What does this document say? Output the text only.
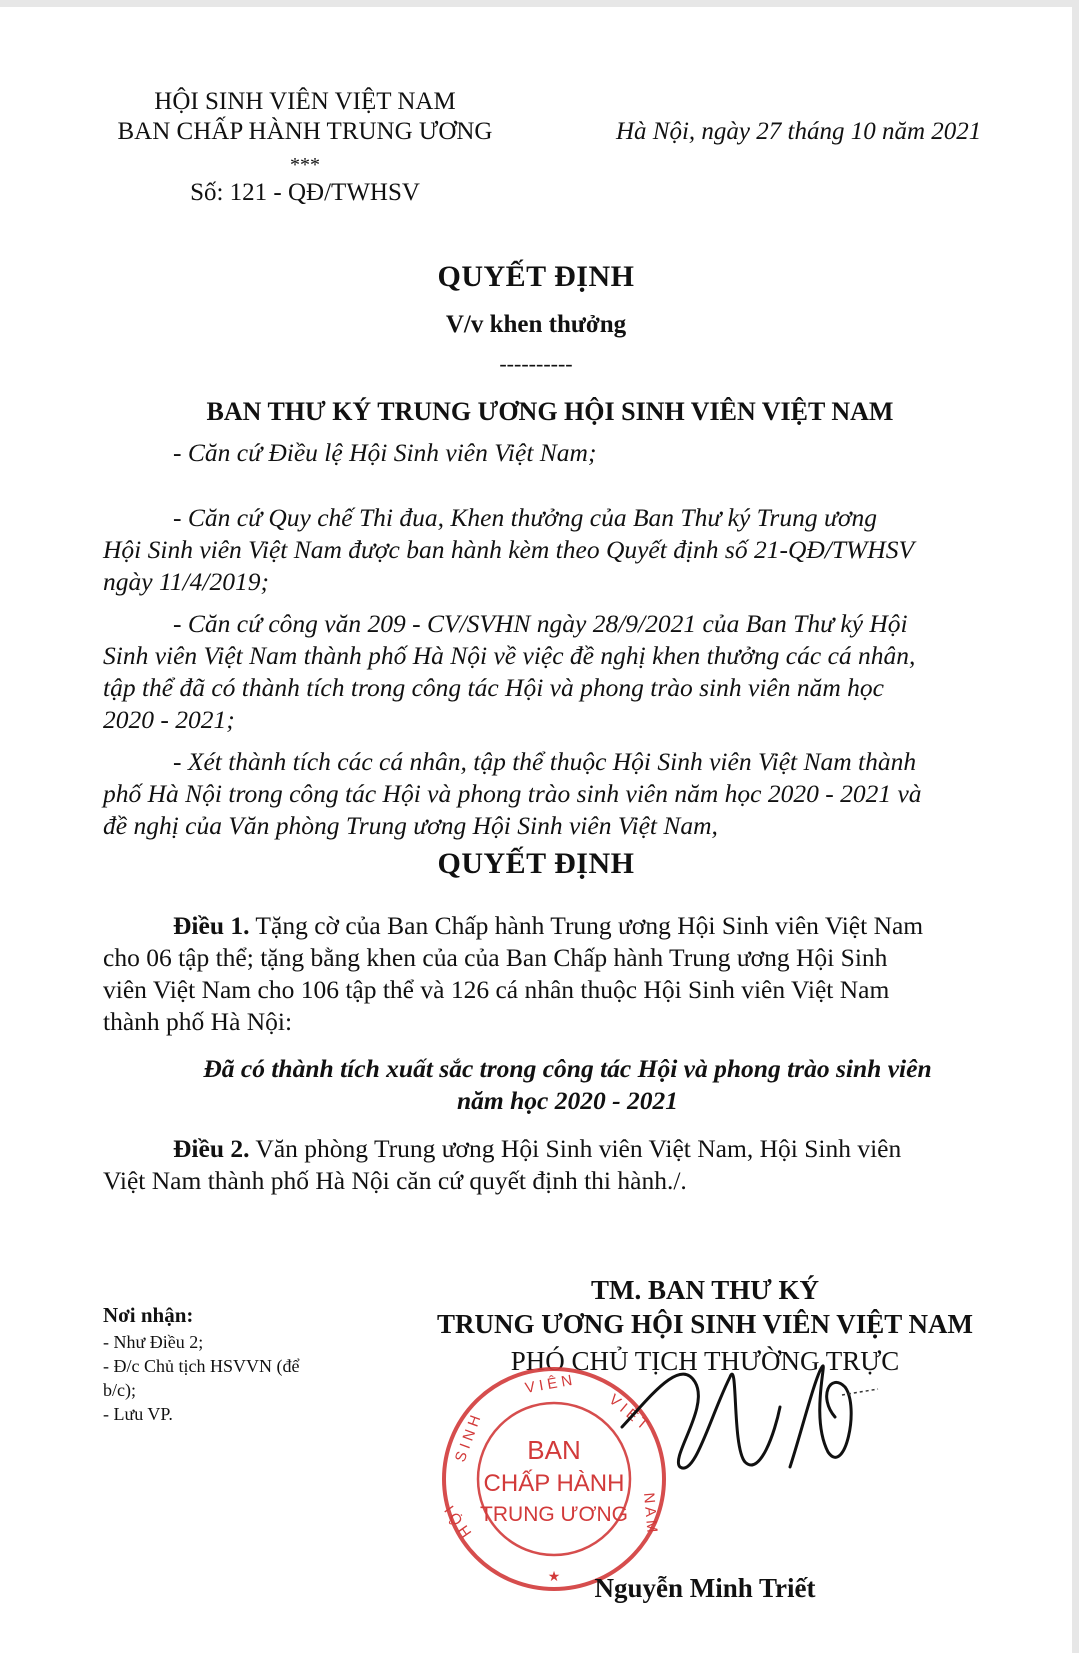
HỘI SINH VIÊN VIỆT NAM
BAN CHẤP HÀNH TRUNG ƯƠNG
***
Số: 121 - QĐ/TWHSV
Hà Nội, ngày 27 tháng 10 năm 2021
QUYẾT ĐỊNH
V/v khen thưởng
----------
BAN THƯ KÝ TRUNG ƯƠNG HỘI SINH VIÊN VIỆT NAM
- Căn cứ Điều lệ Hội Sinh viên Việt Nam;
- Căn cứ Quy chế Thi đua, Khen thưởng của Ban Thư ký Trung ương
Hội Sinh viên Việt Nam được ban hành kèm theo Quyết định số 21-QĐ/TWHSV
ngày 11/4/2019;
- Căn cứ công văn 209 - CV/SVHN ngày 28/9/2021 của Ban Thư ký Hội
Sinh viên Việt Nam thành phố Hà Nội về việc đề nghị khen thưởng các cá nhân,
tập thể đã có thành tích trong công tác Hội và phong trào sinh viên năm học
2020 - 2021;
- Xét thành tích các cá nhân, tập thể thuộc Hội Sinh viên Việt Nam thành
phố Hà Nội trong công tác Hội và phong trào sinh viên năm học 2020 - 2021 và
đề nghị của Văn phòng Trung ương Hội Sinh viên Việt Nam,
QUYẾT ĐỊNH
Điều 1. Tặng cờ của Ban Chấp hành Trung ương Hội Sinh viên Việt Nam
cho 06 tập thể; tặng bằng khen của của Ban Chấp hành Trung ương Hội Sinh
viên Việt Nam cho 106 tập thể và 126 cá nhân thuộc Hội Sinh viên Việt Nam
thành phố Hà Nội:
Đã có thành tích xuất sắc trong công tác Hội và phong trào sinh viên
năm học 2020 - 2021
Điều 2. Văn phòng Trung ương Hội Sinh viên Việt Nam, Hội Sinh viên
Việt Nam thành phố Hà Nội căn cứ quyết định thi hành./.
Nơi nhận:
- Như Điều 2;
- Đ/c Chủ tịch HSVVN (để
b/c);
- Lưu VP.
TM. BAN THƯ KÝ
TRUNG ƯƠNG HỘI SINH VIÊN VIỆT NAM
PHÓ CHỦ TỊCH THƯỜNG TRỰC
BAN
CHẤP HÀNH
TRUNG ƯƠNG
S I N H
V I Ê N
V I Ệ T
N A M
H Ộ I
★	Nguyễn Minh Triết
